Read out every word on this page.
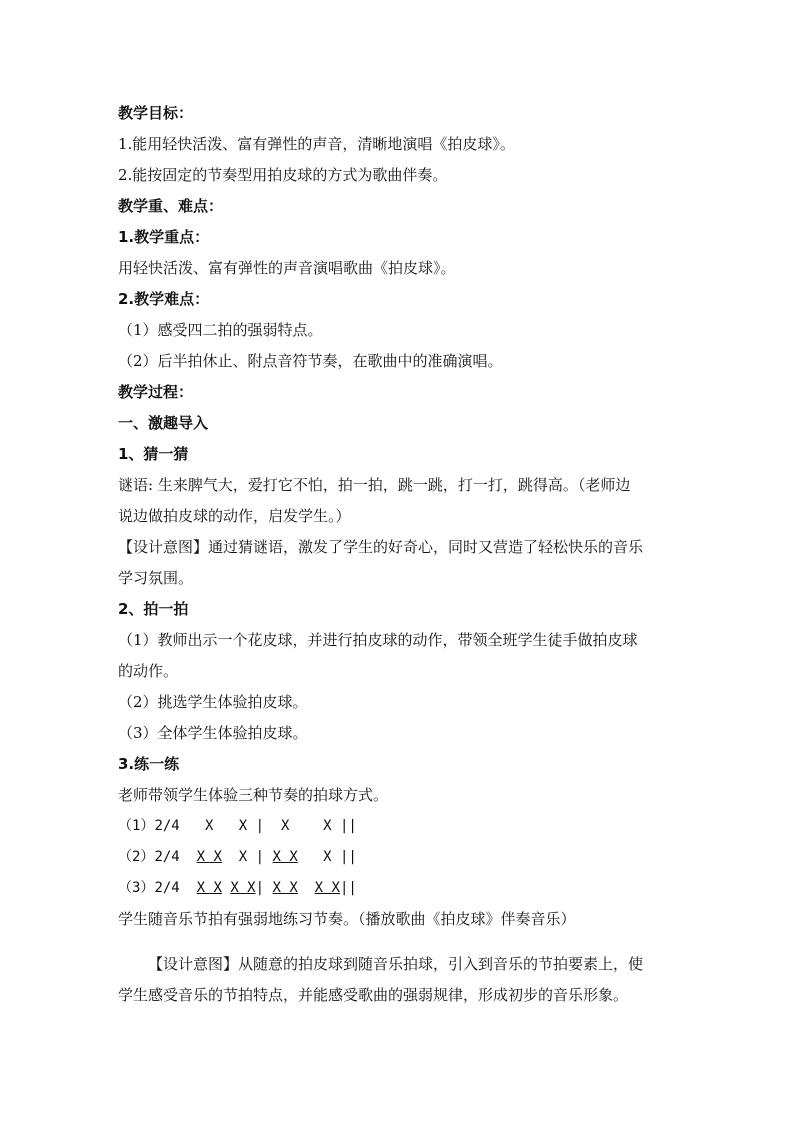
教学目标：
1.能用轻快活泼、富有弹性的声音，清晰地演唱《拍皮球》。
2.能按固定的节奏型用拍皮球的方式为歌曲伴奏。
教学重、难点：
1.教学重点：
用轻快活泼、富有弹性的声音演唱歌曲《拍皮球》。
2.教学难点：
（1）感受四二拍的强弱特点。
（2）后半拍休止、附点音符节奏，在歌曲中的准确演唱。
教学过程：
一、激趣导入
1、猜一猜
谜语: 生来脾气大，爱打它不怕，拍一拍，跳一跳，打一打，跳得高。（老师边
说边做拍皮球的动作，启发学生。）
【设计意图】通过猜谜语，激发了学生的好奇心，同时又营造了轻松快乐的音乐
学习氛围。
2、拍一拍
（1）教师出示一个花皮球，并进行拍皮球的动作，带领全班学生徒手做拍皮球
的动作。
（2）挑选学生体验拍皮球。
（3）全体学生体验拍皮球。
3.练一练
老师带领学生体验三种节奏的拍球方式。
（1）2/4 X X | X X ||
（2）2/4 X X X | X X X ||
（3）2/4 X X X X| X X X X||
学生随音乐节拍有强弱地练习节奏。（播放歌曲《拍皮球》伴奏音乐）
【设计意图】从随意的拍皮球到随音乐拍球，引入到音乐的节拍要素上，使
学生感受音乐的节拍特点，并能感受歌曲的强弱规律，形成初步的音乐形象。
